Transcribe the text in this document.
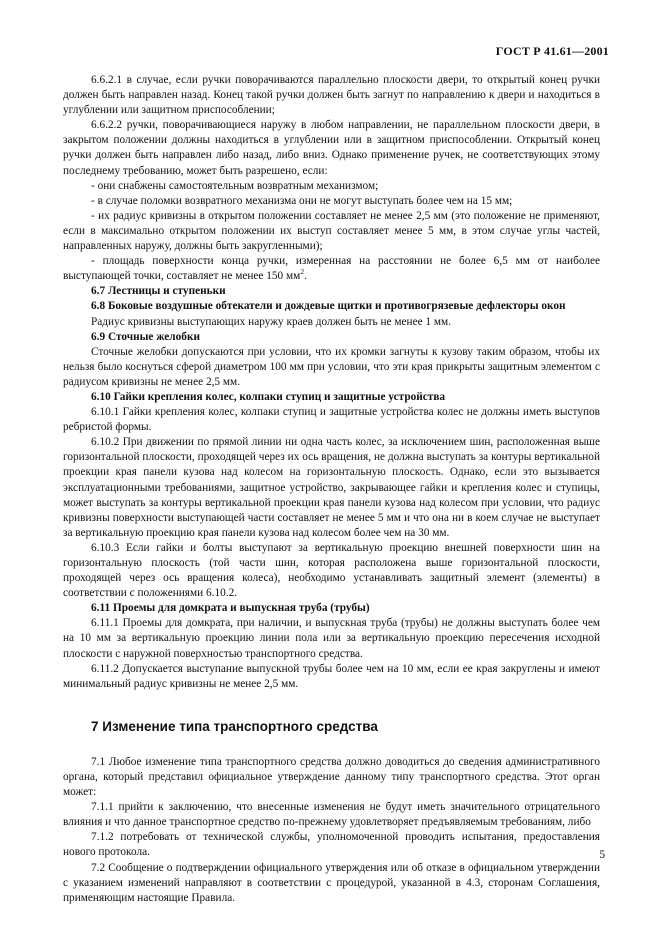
ГОСТ Р 41.61—2001

6.6.2.1 в случае, если ручки поворачиваются параллельно плоскости двери, то открытый конец ручки должен быть направлен назад. Конец такой ручки должен быть загнут по направлению к двери и находиться в углублении или защитном приспособлении;

6.6.2.2 ручки, поворачивающиеся наружу в любом направлении, не параллельном плоскости двери, в закрытом положении должны находиться в углублении или в защитном приспособлении. Открытый конец ручки должен быть направлен либо назад, либо вниз. Однако применение ручек, не соответствующих этому последнему требованию, может быть разрешено, если:

- они снабжены самостоятельным возвратным механизмом;

- в случае поломки возвратного механизма они не могут выступать более чем на 15 мм;

- их радиус кривизны в открытом положении составляет не менее 2,5 мм (это положение не применяют, если в максимально открытом положении их выступ составляет менее 5 мм, в этом случае углы частей, направленных наружу, должны быть закругленными);

- площадь поверхности конца ручки, измеренная на расстоянии не более 6,5 мм от наиболее выступающей точки, составляет не менее 150 $мм^2$.

6.7 Лестницы и ступеньки

6.8 Боковые воздушные обтекатели и дождевые щитки и противогрязевые дефлекторы окон

Радиус кривизны выступающих наружу краев должен быть не менее 1 мм.

6.9 Сточные желобки

Сточные желобки допускаются при условии, что их кромки загнуты к кузову таким образом, чтобы их нельзя было коснуться сферой диаметром 100 мм при условии, что эти края прикрыты защитным элементом с радиусом кривизны не менее 2,5 мм.

6.10 Гайки крепления колес, колпаки ступиц и защитные устройства

6.10.1 Гайки крепления колес, колпаки ступиц и защитные устройства колес не должны иметь выступов ребристой формы.

6.10.2 При движении по прямой линии ни одна часть колес, за исключением шин, расположенная выше горизонтальной плоскости, проходящей через их ось вращения, не должна выступать за контуры вертикальной проекции края панели кузова над колесом на горизонтальную плоскость. Однако, если это вызывается эксплуатационными требованиями, защитное устройство, закрывающее гайки и крепления колес и ступицы, может выступать за контуры вертикальной проекции края панели кузова над колесом при условии, что радиус кривизны поверхности выступающей части составляет не менее 5 мм и что она ни в коем случае не выступает за вертикальную проекцию края панели кузова над колесом более чем на 30 мм.

6.10.3 Если гайки и болты выступают за вертикальную проекцию внешней поверхности шин на горизонтальную плоскость (той части шин, которая расположена выше горизонтальной плоскости, проходящей через ось вращения колеса), необходимо устанавливать защитный элемент (элементы) в соответствии с положениями 6.10.2.

6.11 Проемы для домкрата и выпускная труба (трубы)

6.11.1 Проемы для домкрата, при наличии, и выпускная труба (трубы) не должны выступать более чем на 10 мм за вертикальную проекцию линии пола или за вертикальную проекцию пересечения исходной плоскости с наружной поверхностью транспортного средства.

6.11.2 Допускается выступание выпускной трубы более чем на 10 мм, если ее края закруглены и имеют минимальный радиус кривизны не менее 2,5 мм.

7 Изменение типа транспортного средства

7.1 Любое изменение типа транспортного средства должно доводиться до сведения административного органа, который представил официальное утверждение данному типу транспортного средства. Этот орган может:

7.1.1 прийти к заключению, что внесенные изменения не будут иметь значительного отрицательного влияния и что данное транспортное средство по-прежнему удовлетворяет предъявляемым требованиям, либо

7.1.2 потребовать от технической службы, уполномоченной проводить испытания, предоставления нового протокола.

7.2 Сообщение о подтверждении официального утверждения или об отказе в официальном утверждении с указанием изменений направляют в соответствии с процедурой, указанной в 4.3, сторонам Соглашения, применяющим настоящие Правила.

5
